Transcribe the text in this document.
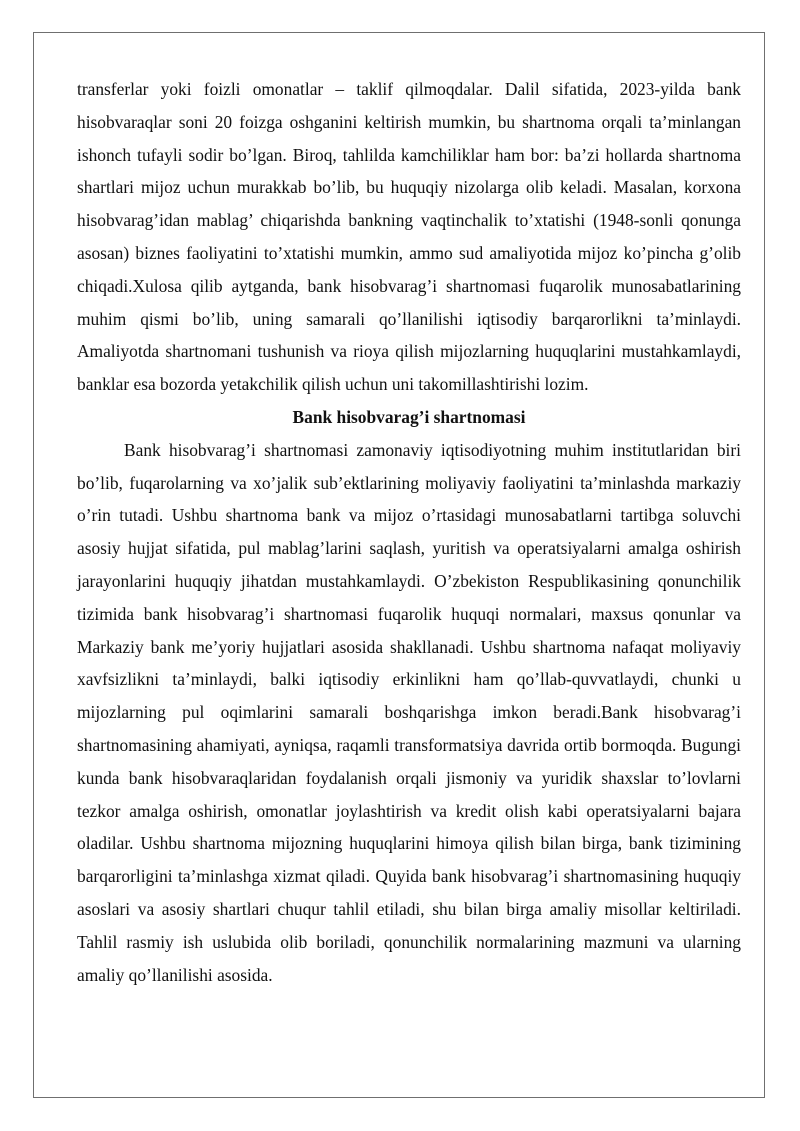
transferlar yoki foizli omonatlar – taklif qilmoqdalar. Dalil sifatida, 2023-yilda bank hisobvaraqlar soni 20 foizga oshganini keltirish mumkin, bu shartnoma orqali ta’minlangan ishonch tufayli sodir bo’lgan. Biroq, tahlilda kamchiliklar ham bor: ba’zi hollarda shartnoma shartlari mijoz uchun murakkab bo’lib, bu huquqiy nizolarga olib keladi. Masalan, korxona hisobvarag’idan mablag’ chiqarishda bankning vaqtinchalik to’xtatishi (1948-sonli qonunga asosan) biznes faoliyatini to’xtatishi mumkin, ammo sud amaliyotida mijoz ko’pincha g’olib chiqadi.Xulosa qilib aytganda, bank hisobvarag’i shartnomasi fuqarolik munosabatlarining muhim qismi bo’lib, uning samarali qo’llanilishi iqtisodiy barqarorlikni ta’minlaydi. Amaliyotda shartnomani tushunish va rioya qilish mijozlarning huquqlarini mustahkamlaydi, banklar esa bozorda yetakchilik qilish uchun uni takomillashtirishi lozim.

Bank hisobvarag’i shartnomasi

Bank hisobvarag’i shartnomasi zamonaviy iqtisodiyotning muhim institutlaridan biri bo’lib, fuqarolarning va xo’jalik sub’ektlarining moliyaviy faoliyatini ta’minlashda markaziy o’rin tutadi. Ushbu shartnoma bank va mijoz o’rtasidagi munosabatlarni tartibga soluvchi asosiy hujjat sifatida, pul mablag’larini saqlash, yuritish va operatsiyalarni amalga oshirish jarayonlarini huquqiy jihatdan mustahkamlaydi. O’zbekiston Respublikasining qonunchilik tizimida bank hisobvarag’i shartnomasi fuqarolik huquqi normalari, maxsus qonunlar va Markaziy bank me’yoriy hujjatlari asosida shakllanadi. Ushbu shartnoma nafaqat moliyaviy xavfsizlikni ta’minlaydi, balki iqtisodiy erkinlikni ham qo’llab-quvvatlaydi, chunki u mijozlarning pul oqimlarini samarali boshqarishga imkon beradi.Bank hisobvarag’i shartnomasining ahamiyati, ayniqsa, raqamli transformatsiya davrida ortib bormoqda. Bugungi kunda bank hisobvaraqlaridan foydalanish orqali jismoniy va yuridik shaxslar to’lovlarni tezkor amalga oshirish, omonatlar joylashtirish va kredit olish kabi operatsiyalarni bajara oladilar. Ushbu shartnoma mijozning huquqlarini himoya qilish bilan birga, bank tizimining barqarorligini ta’minlashga xizmat qiladi. Quyida bank hisobvarag’i shartnomasining huquqiy asoslari va asosiy shartlari chuqur tahlil etiladi, shu bilan birga amaliy misollar keltiriladi. Tahlil rasmiy ish uslubida olib boriladi, qonunchilik normalarining mazmuni va ularning amaliy qo’llanilishi asosida.
